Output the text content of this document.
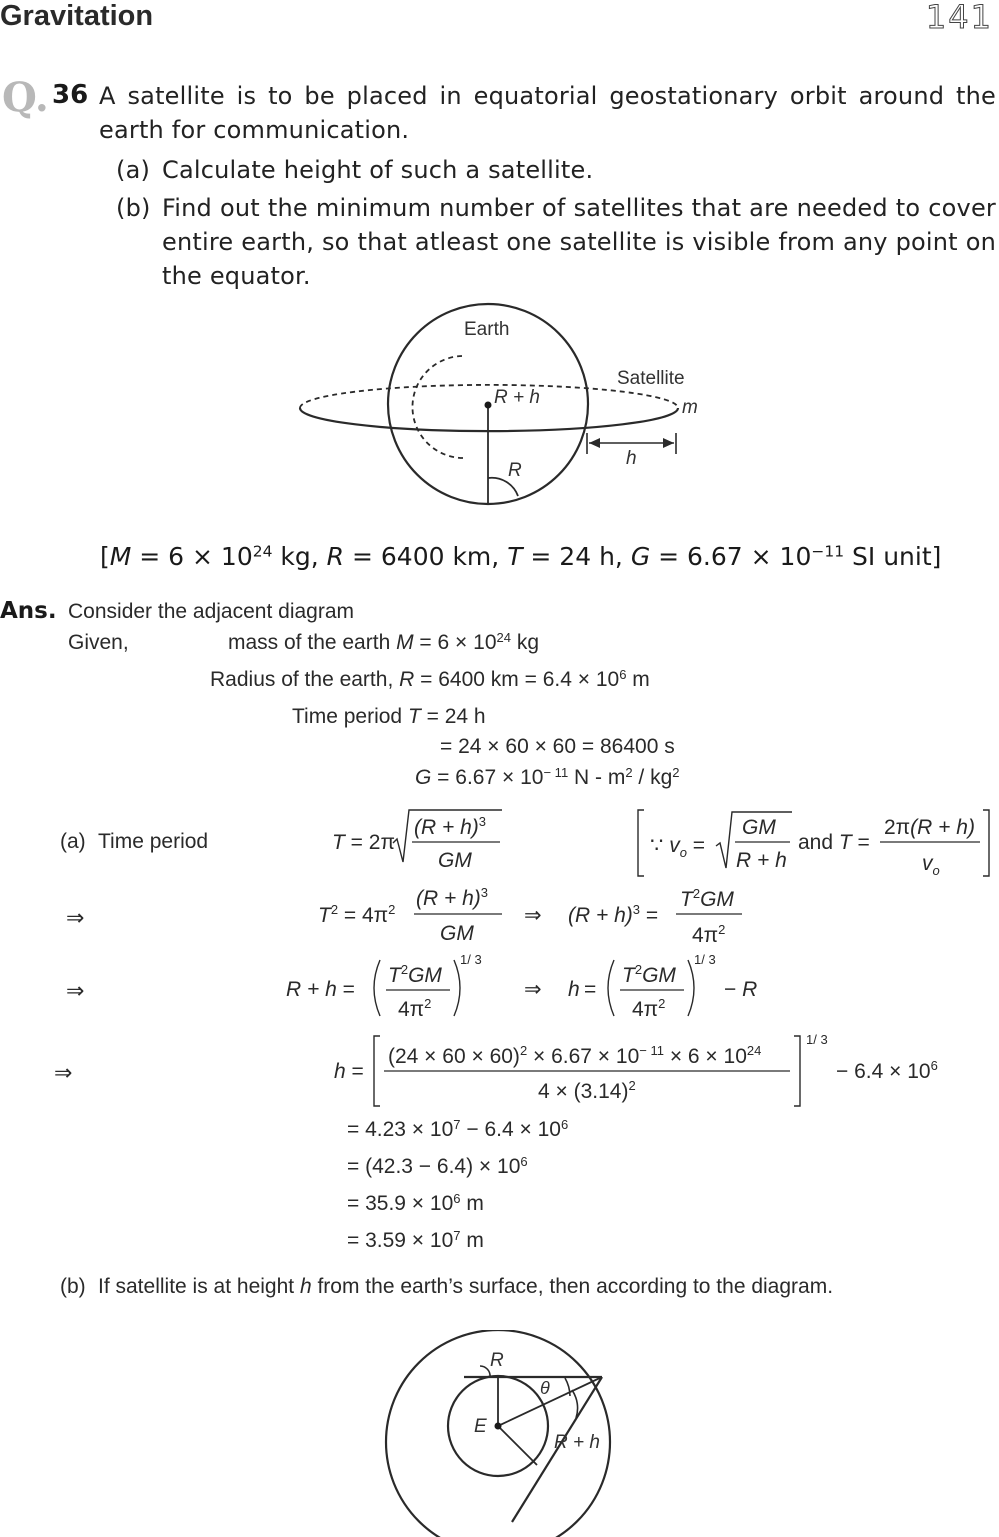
Gravitation	141
Q. 36 A satellite is to be placed in equatorial geostationary orbit around the
earth for communication.
(a) Calculate height of such a satellite.
(b) Find out the minimum number of satellites that are needed to cover
entire earth, so that atleast one satellite is visible from any point on
the equator.
Earth
Satellite
R + h	m
h
R
[$M = 6 \times 10^{24}$ kg, R = 6400 km, T = 24 h, $G = 6.67 \times 10^{-11}$ SI unit]
Ans. Consider the adjacent diagram
Given,	mass of the earth $M = 6 \times 10^{24}$ kg
Radius of the earth, R = 6400 km = $6.4 \times 10^6$ m
Time period T = 24 h
= 24 × 60 × 60 = 86400 s
$G = 6.67 \times 10^{- 11}$ N - $m^2 / kg^2$
(a) Time period
⇒
⇒
⇒
T = 2π
$(R + h)^3$
GM
∵ $v_o$ =
GM
R + h
and T =
2π(R + h)
$v_o$
$T^2 = 4\pi^2$ $(R + h)^3$
GM
⇒ $(R + h)^3$ =
$T^2GM$
$4\pi^2$
R + h =
$T^2GM$
$4\pi^2$
1/ 3
⇒ h =
$T^2GM$
$4\pi^2$
1/ 3
− R
h =
$(24 \times 60 \times 60)^2 \times 6.67 \times 10^{- 11} \times 6 \times 10^{24}$
$4 \times (3.14)^2$
1/ 3
− $6.4 \times 10^6$
= $4.23 \times 10^7 - 6.4 \times 10^6$
= $(42.3 - 6.4) \times 10^6$
= $35.9 \times 10^6$ m
= $3.59 \times 10^7$ m
(b) If satellite is at height h from the earth’s surface, then according to the diagram.
R
θ
E
R + h
